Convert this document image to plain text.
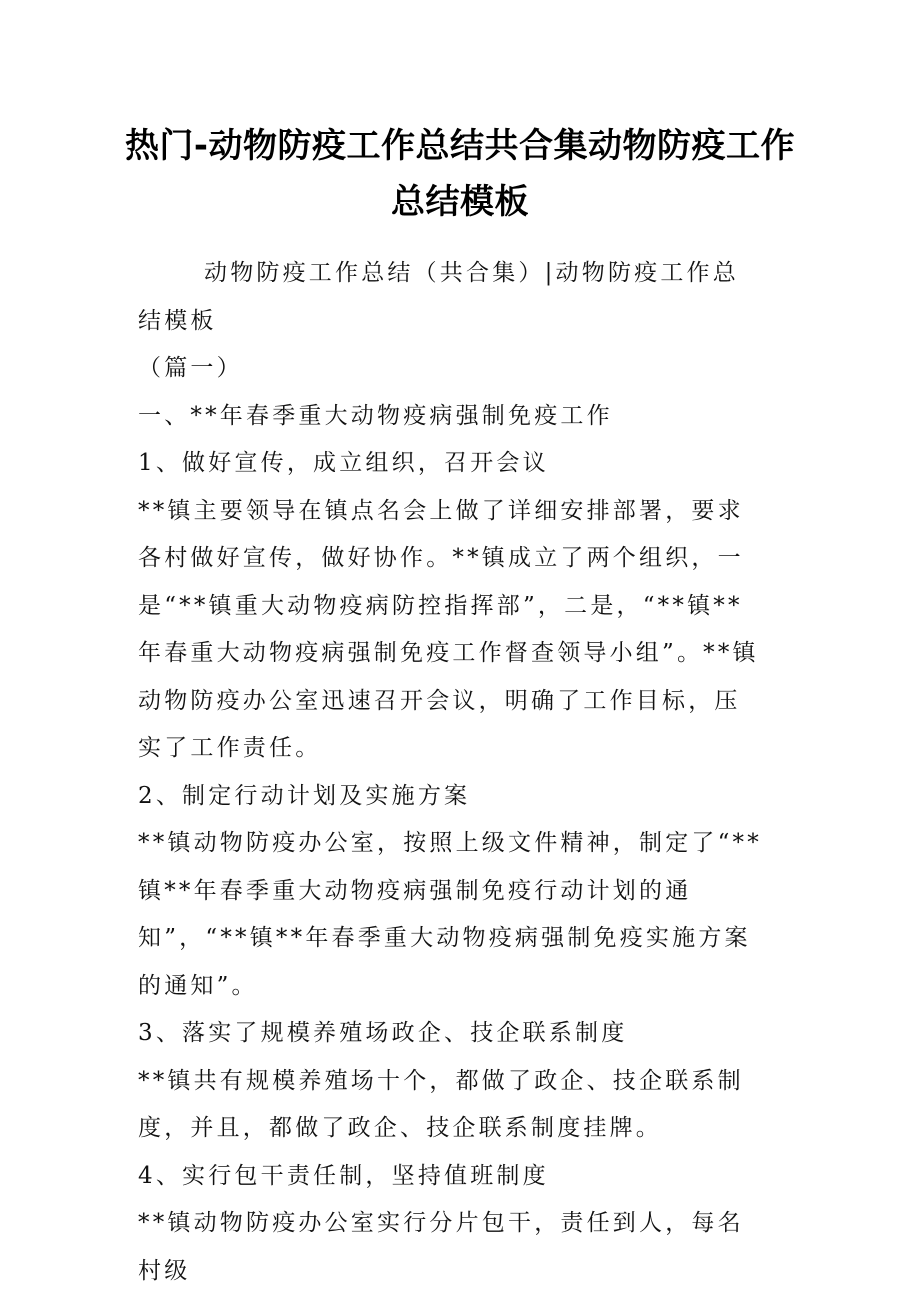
热门-动物防疫工作总结共合集动物防疫工作总结模板

动物防疫工作总结（共合集）|动物防疫工作总结模板

（篇一）

一、**年春季重大动物疫病强制免疫工作

1、做好宣传，成立组织，召开会议

**镇主要领导在镇点名会上做了详细安排部署，要求各村做好宣传，做好协作。**镇成立了两个组织，一是“**镇重大动物疫病防控指挥部”，二是，“**镇**年春重大动物疫病强制免疫工作督查领导小组”。**镇动物防疫办公室迅速召开会议，明确了工作目标，压实了工作责任。

2、制定行动计划及实施方案

**镇动物防疫办公室，按照上级文件精神，制定了“**镇**年春季重大动物疫病强制免疫行动计划的通知”，“**镇**年春季重大动物疫病强制免疫实施方案的通知”。

3、落实了规模养殖场政企、技企联系制度

**镇共有规模养殖场十个，都做了政企、技企联系制度，并且，都做了政企、技企联系制度挂牌。

4、实行包干责任制，坚持值班制度

**镇动物防疫办公室实行分片包干，责任到人，每名村级
